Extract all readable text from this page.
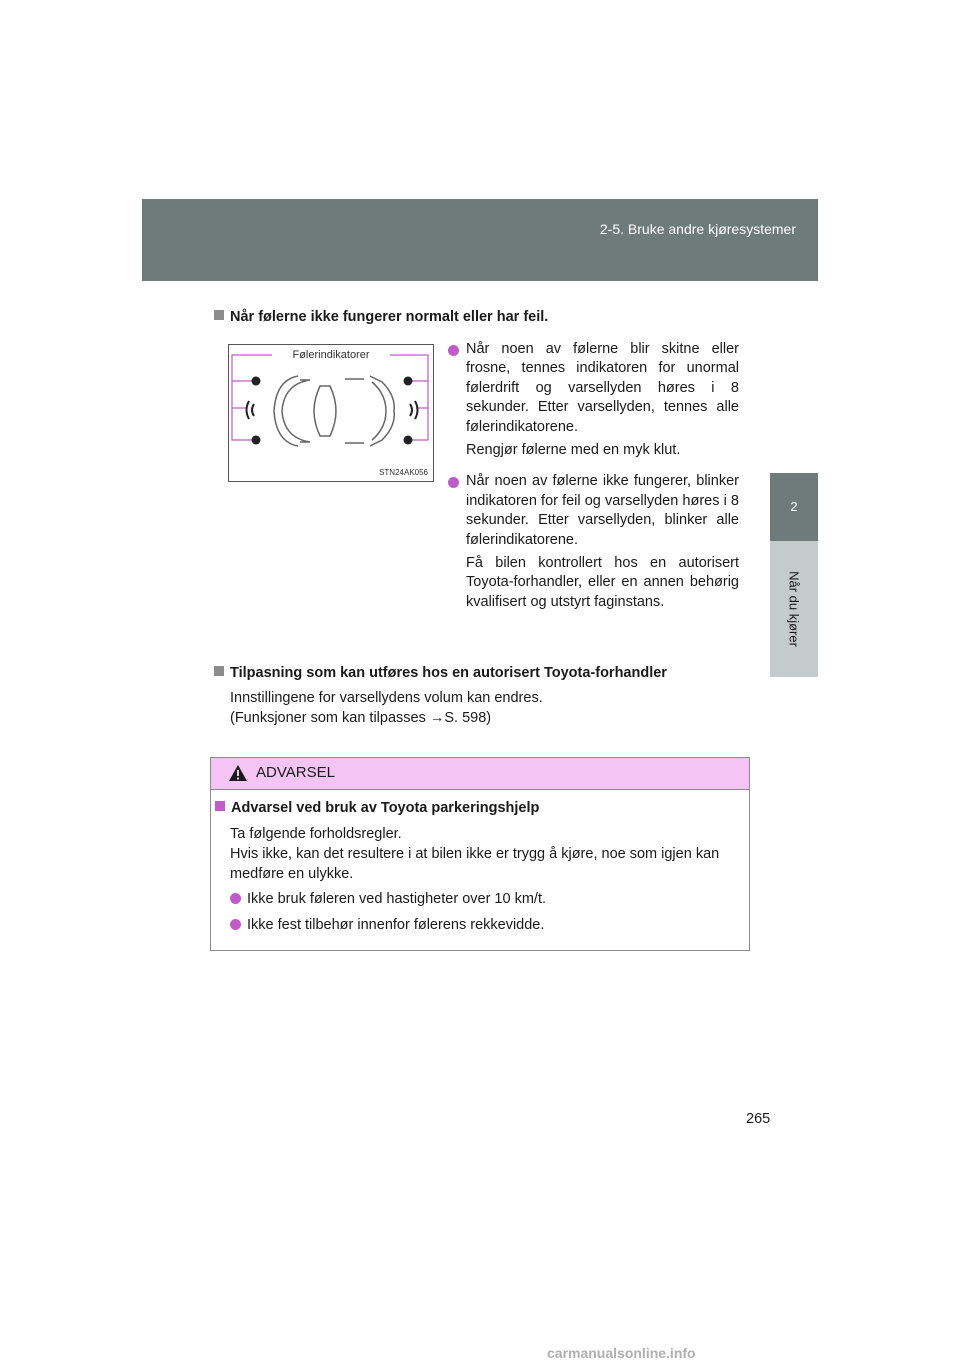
2-5. Bruke andre kjøresystemer
2
Når du kjører
Når følerne ikke fungerer normalt eller har feil.
Følerindikatorer
STN24AK056
Når noen av følerne blir skitne eller frosne, tennes indikatoren for unormal følerdrift og varsellyden høres i 8 sekunder. Etter varsellyden, tennes alle følerindikatorene.
Rengjør følerne med en myk klut.
Når noen av følerne ikke fungerer, blinker indikatoren for feil og varsellyden høres i 8 sekunder. Etter varsellyden, blinker alle følerindikatorene.
Få bilen kontrollert hos en autorisert Toyota-forhandler, eller en annen behørig kvalifisert og utstyrt faginstans.
Tilpasning som kan utføres hos en autorisert Toyota-forhandler
Innstillingene for varsellydens volum kan endres.
(Funksjoner som kan tilpasses →S. 598)
ADVARSEL
Advarsel ved bruk av Toyota parkeringshjelp
Ta følgende forholdsregler.
Hvis ikke, kan det resultere i at bilen ikke er trygg å kjøre, noe som igjen kan
medføre en ulykke.
Ikke bruk føleren ved hastigheter over 10 km/t.
Ikke fest tilbehør innenfor følerens rekkevidde.
265
carmanualsonline.info
